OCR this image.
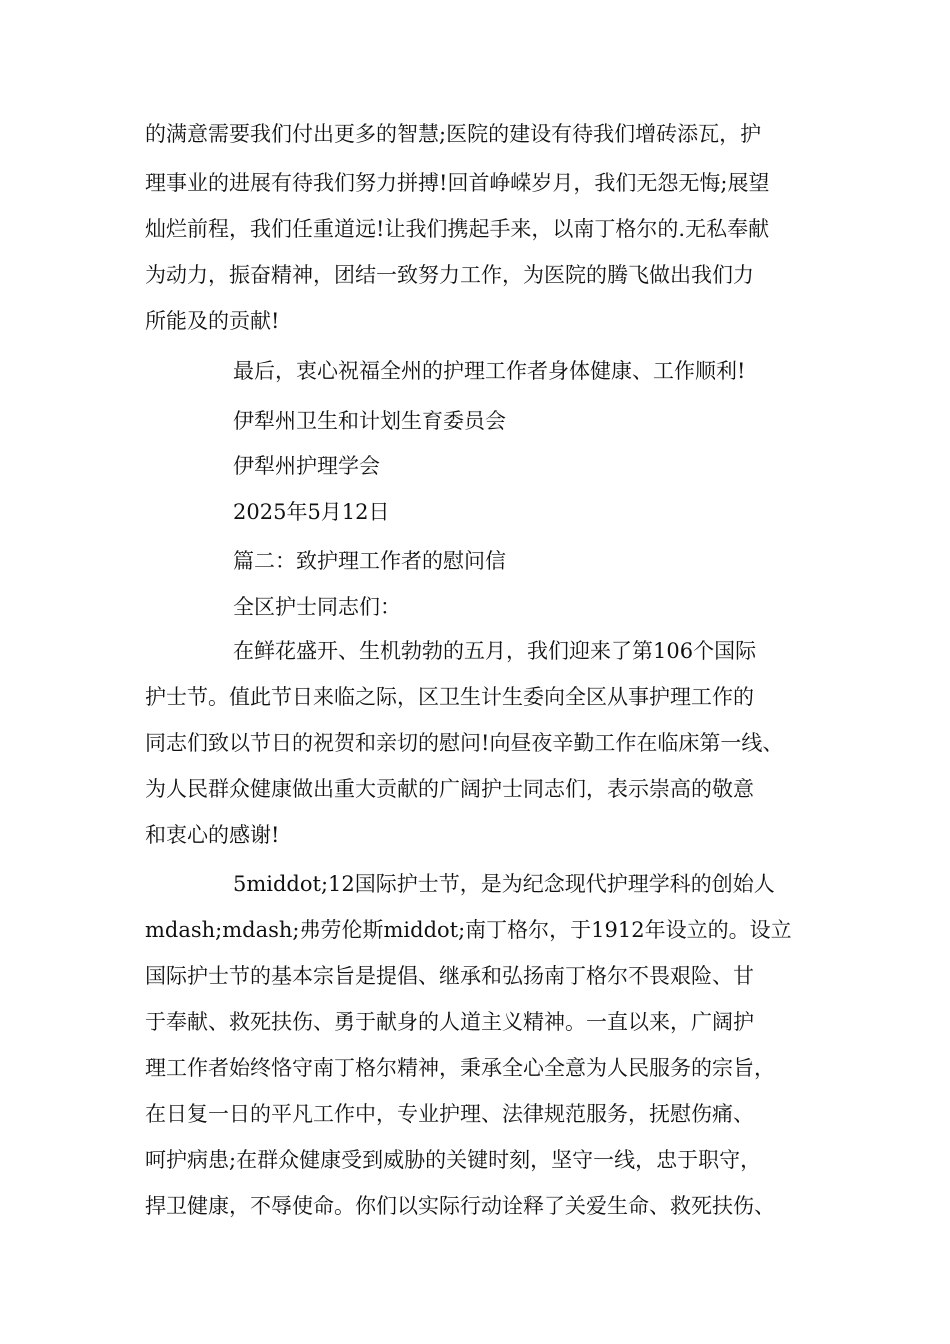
的满意需要我们付出更多的智慧;医院的建设有待我们增砖添瓦，护
理事业的进展有待我们努力拼搏!回首峥嵘岁月，我们无怨无悔;展望
灿烂前程，我们任重道远!让我们携起手来，以南丁格尔的.无私奉献
为动力，振奋精神，团结一致努力工作，为医院的腾飞做出我们力
所能及的贡献!
最后，衷心祝福全州的护理工作者身体健康、工作顺利!
伊犁州卫生和计划生育委员会
伊犁州护理学会
2025年5月12日
篇二：致护理工作者的慰问信
全区护士同志们：
在鲜花盛开、生机勃勃的五月，我们迎来了第106个国际
护士节。值此节日来临之际，区卫生计生委向全区从事护理工作的
同志们致以节日的祝贺和亲切的慰问!向昼夜辛勤工作在临床第一线、
为人民群众健康做出重大贡献的广阔护士同志们，表示崇高的敬意
和衷心的感谢!
5middot;12国际护士节，是为纪念现代护理学科的创始人
mdash;mdash;弗劳伦斯middot;南丁格尔，于1912年设立的。设立
国际护士节的基本宗旨是提倡、继承和弘扬南丁格尔不畏艰险、甘
于奉献、救死扶伤、勇于献身的人道主义精神。一直以来，广阔护
理工作者始终恪守南丁格尔精神，秉承全心全意为人民服务的宗旨，
在日复一日的平凡工作中，专业护理、法律规范服务，抚慰伤痛、
呵护病患;在群众健康受到威胁的关键时刻，坚守一线，忠于职守，
捍卫健康，不辱使命。你们以实际行动诠释了关爱生命、救死扶伤、
